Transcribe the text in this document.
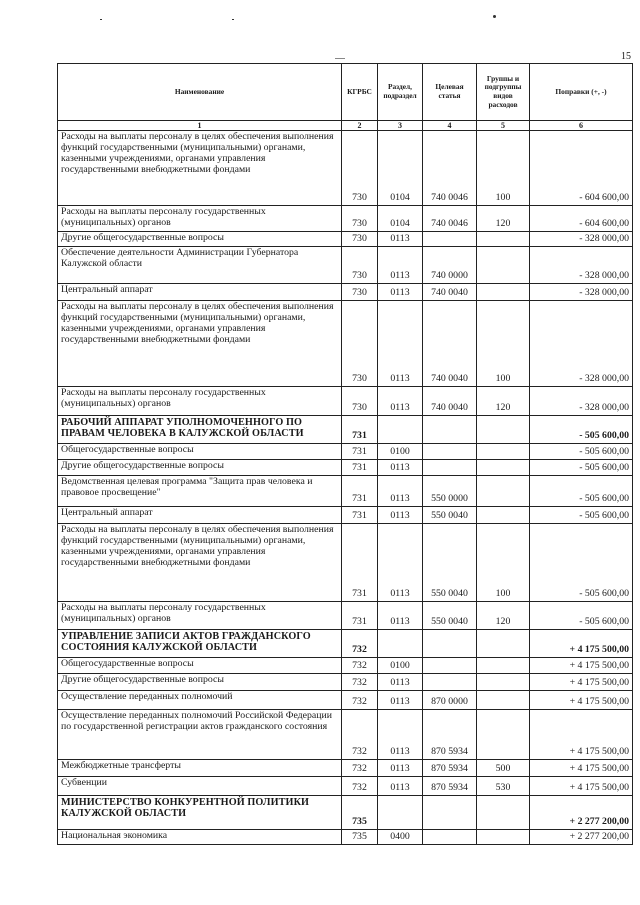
15
Наименование	КГРБС	Раздел, подраздел	Целевая статья	Группы и подгруппы видов расходов	Поправки (+, -)
1	2	3	4	5	6
Расходы на выплаты персоналу в целях обеспечения выполнения функций государственными (муниципальными) органами, казенными учреждениями, органами управления государственными внебюджетными фондами	730	0104	740 0046	100	- 604 600,00
Расходы на выплаты персоналу государственных (муниципальных) органов	730	0104	740 0046	120	- 604 600,00
Другие общегосударственные вопросы	730	0113			- 328 000,00
Обеспечение деятельности Администрации Губернатора Калужской области	730	0113	740 0000		- 328 000,00
Центральный аппарат	730	0113	740 0040		- 328 000,00
Расходы на выплаты персоналу в целях обеспечения выполнения функций государственными (муниципальными) органами, казенными учреждениями, органами управления государственными внебюджетными фондами	730	0113	740 0040	100	- 328 000,00
Расходы на выплаты персоналу государственных (муниципальных) органов	730	0113	740 0040	120	- 328 000,00
РАБОЧИЙ АППАРАТ УПОЛНОМОЧЕННОГО ПО ПРАВАМ ЧЕЛОВЕКА В КАЛУЖСКОЙ ОБЛАСТИ	731				- 505 600,00
Общегосударственные вопросы	731	0100			- 505 600,00
Другие общегосударственные вопросы	731	0113			- 505 600,00
Ведомственная целевая программа "Защита прав человека и правовое просвещение"	731	0113	550 0000		- 505 600,00
Центральный аппарат	731	0113	550 0040		- 505 600,00
Расходы на выплаты персоналу в целях обеспечения выполнения функций государственными (муниципальными) органами, казенными учреждениями, органами управления государственными внебюджетными фондами	731	0113	550 0040	100	- 505 600,00
Расходы на выплаты персоналу государственных (муниципальных) органов	731	0113	550 0040	120	- 505 600,00
УПРАВЛЕНИЕ ЗАПИСИ АКТОВ ГРАЖДАНСКОГО СОСТОЯНИЯ КАЛУЖСКОЙ ОБЛАСТИ	732				+ 4 175 500,00
Общегосударственные вопросы	732	0100			+ 4 175 500,00
Другие общегосударственные вопросы	732	0113			+ 4 175 500,00
Осуществление переданных полномочий	732	0113	870 0000		+ 4 175 500,00
Осуществление переданных полномочий Российской Федерации по государственной регистрации актов гражданского состояния	732	0113	870 5934		+ 4 175 500,00
Межбюджетные трансферты	732	0113	870 5934	500	+ 4 175 500,00
Субвенции	732	0113	870 5934	530	+ 4 175 500,00
МИНИСТЕРСТВО КОНКУРЕНТНОЙ ПОЛИТИКИ КАЛУЖСКОЙ ОБЛАСТИ	735				+ 2 277 200,00
Национальная экономика	735	0400			+ 2 277 200,00
